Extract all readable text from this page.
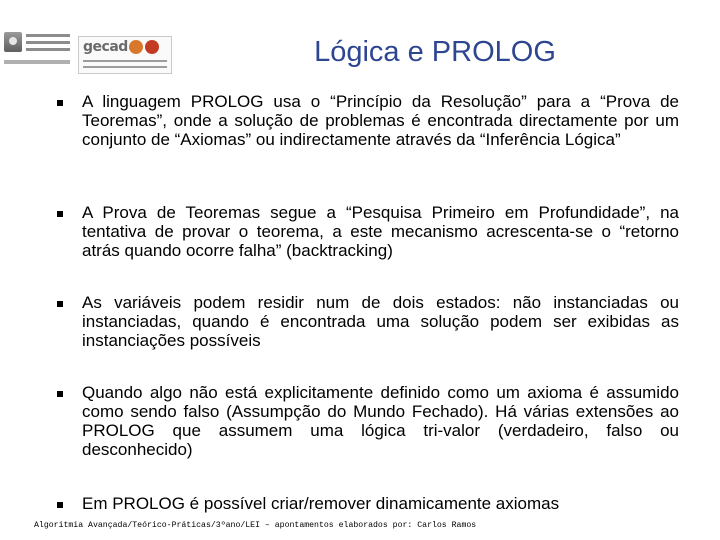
gecad	Lógica e PROLOG
A linguagem PROLOG usa o “Princípio da Resolução” para a “Prova de Teoremas”, onde a solução de problemas é encontrada directamente por um conjunto de “Axiomas” ou indirectamente através da “Inferência Lógica”
A Prova de Teoremas segue a “Pesquisa Primeiro em Profundidade”, na tentativa de provar o teorema, a este mecanismo acrescenta-se o “retorno atrás quando ocorre falha” (backtracking)
As variáveis podem residir num de dois estados: não instanciadas ou instanciadas, quando é encontrada uma solução podem ser exibidas as instanciações possíveis
Quando algo não está explicitamente definido como um axioma é assumido como sendo falso (Assumpção do Mundo Fechado). Há várias extensões ao PROLOG que assumem uma lógica tri-valor (verdadeiro, falso ou desconhecido)
Em PROLOG é possível criar/remover dinamicamente axiomas
Algoritmia Avançada/Teórico-Práticas/3ºano/LEI – apontamentos elaborados por: Carlos Ramos
